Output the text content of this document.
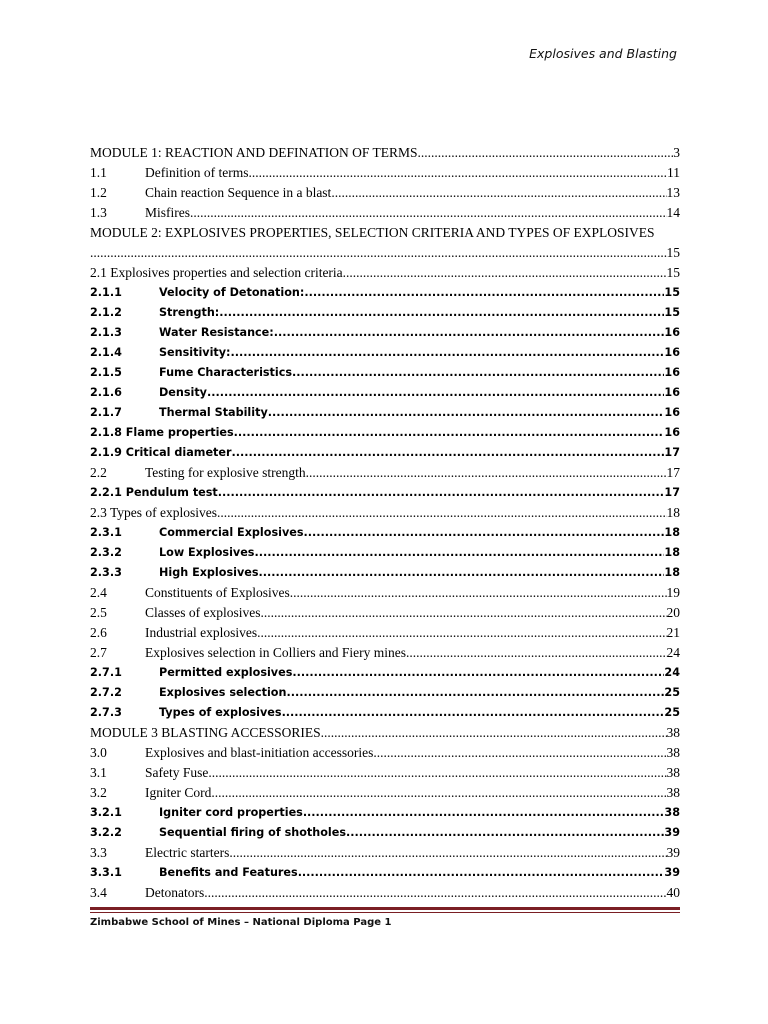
Explosives and Blasting
MODULE 1: REACTION AND DEFINATION OF TERMS .....	3
1.1	Definition of terms .....	11
1.2	Chain reaction Sequence in a blast .....	13
1.3	Misfires .....	14
MODULE 2: EXPLOSIVES PROPERTIES, SELECTION CRITERIA AND TYPES OF EXPLOSIVES
.....
15
2.1 Explosives properties and selection criteria .....	15
2.1.1	Velocity of Detonation: .....	15
2.1.2	Strength: .....	15
2.1.3	Water Resistance: .....	16
2.1.4	Sensitivity: .....	16
2.1.5	Fume Characteristics .....	16
2.1.6	Density .....	16
2.1.7	Thermal Stability .....	16
2.1.8 Flame properties .....	16
2.1.9 Critical diameter .....	17
2.2	Testing for explosive strength .....	17
2.2.1 Pendulum test .....	17
2.3 Types of explosives .....	18
2.3.1	Commercial Explosives .....	18
2.3.2	Low Explosives .....	18
2.3.3	High Explosives .....	18
2.4	Constituents of Explosives .....	19
2.5	Classes of explosives .....	20
2.6	Industrial explosives .....	21
2.7	Explosives selection in Colliers and Fiery mines .....	24
2.7.1	Permitted explosives .....	24
2.7.2	Explosives selection .....	25
2.7.3	Types of explosives .....	25
MODULE 3 BLASTING ACCESSORIES .....	38
3.0	Explosives and blast-initiation accessories .....	38
3.1	Safety Fuse .....	38
3.2	Igniter Cord .....	38
3.2.1	Igniter cord properties .....	38
3.2.2	Sequential firing of shotholes .....	39
3.3	Electric starters .....	39
3.3.1	Benefits and Features .....	39
3.4	Detonators .....	40
Zimbabwe School of Mines – National Diploma Page 1
